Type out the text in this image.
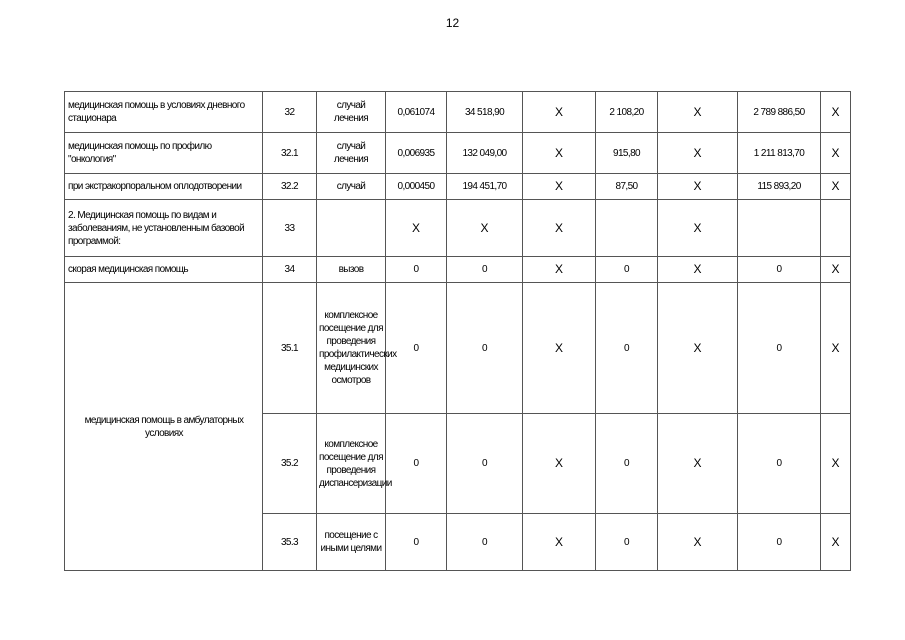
12
медицинская помощь в условиях дневного стационара	32	случай лечения	0,061074	34 518,90	Х	2 108,20	Х	2 789 886,50	Х
медицинская помощь по профилю "онкология"	32.1	случай лечения	0,006935	132 049,00	Х	915,80	Х	1 211 813,70	Х
при экстракорпоральном оплодотворении	32.2	случай	0,000450	194 451,70	Х	87,50	Х	115 893,20	Х
2. Медицинская помощь по видам и заболеваниям, не установленным базовой программой:	33		Х	Х	Х		Х		
скорая медицинская помощь	34	вызов	0	0	Х	0	Х	0	Х
медицинская помощь в амбулаторных условиях	35.1	комплексное посещение для проведения профилактических медицинских осмотров	0	0	Х	0	Х	0	Х
	35.2	комплексное посещение для проведения диспансеризации	0	0	Х	0	Х	0	Х
	35.3	посещение с иными целями	0	0	Х	0	Х	0	Х
